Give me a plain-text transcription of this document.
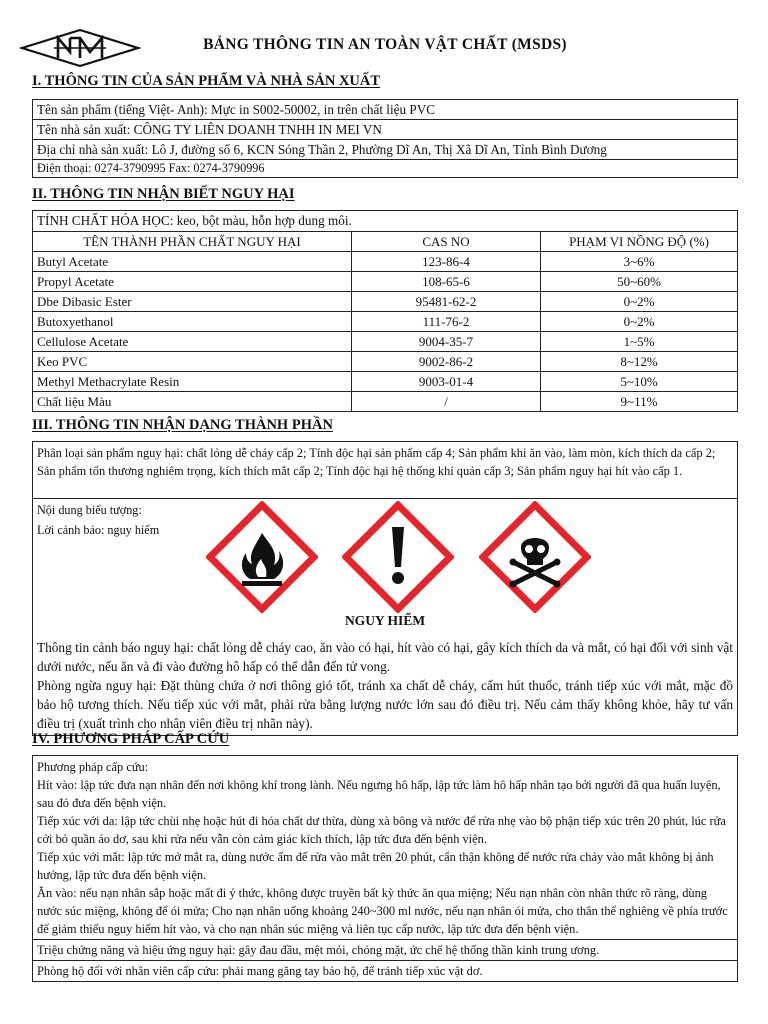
BẢNG THÔNG TIN AN TOÀN VẬT CHẤT (MSDS)
I. THÔNG TIN CỦA SẢN PHẨM VÀ NHÀ SẢN XUẤT
Tên sản phẩm (tiếng Việt- Anh): Mực in S002-50002, in trên chất liệu PVC
Tên nhà sản xuất: CÔNG TY LIÊN DOANH TNHH IN MEI VN
Địa chỉ nhà sản xuất: Lô J, đường số 6, KCN Sóng Thần 2, Phường Dĩ An, Thị Xã Dĩ An, Tỉnh Bình Dương
Điện thoại: 0274-3790995 Fax: 0274-3790996
II. THÔNG TIN NHẬN BIẾT NGUY HẠI
TÍNH CHẤT HÓA HỌC: keo, bột màu, hỗn hợp dung môi.
TÊN THÀNH PHẦN CHẤT NGUY HẠI	CAS NO	PHẠM VI NỒNG ĐỘ (%)
Butyl Acetate	123-86-4	3~6%
Propyl Acetate	108-65-6	50~60%
Dbe Dibasic Ester	95481-62-2	0~2%
Butoxyethanol	111-76-2	0~2%
Cellulose Acetate	9004-35-7	1~5%
Keo PVC	9002-86-2	8~12%
Methyl Methacrylate Resin	9003-01-4	5~10%
Chất liệu Màu	/	9~11%
III. THÔNG TIN NHẬN DẠNG THÀNH PHẦN
Phân loại sản phẩm nguy hại: chất lỏng dễ cháy cấp 2; Tính độc hại sản phẩm cấp 4; Sản phẩm khi ăn vào, làm mòn, kích thích da cấp 2; Sản phẩm tổn thương nghiêm trọng, kích thích mắt cấp 2; Tính độc hại hệ thống khí quản cấp 3; Sản phẩm nguy hại hít vào cấp 1.
Nội dung biểu tượng:
Lời cảnh báo: nguy hiểm
NGUY HIỂM
Thông tin cảnh báo nguy hại: chất lỏng dễ cháy cao, ăn vào có hại, hít vào có hại, gây kích thích da và mắt, có hại đối với sinh vật dưới nước, nếu ăn và đi vào đường hô hấp có thể dẫn đến tử vong.
Phòng ngừa nguy hại: Đặt thùng chứa ở nơi thông gió tốt, tránh xa chất dễ cháy, cấm hút thuốc, tránh tiếp xúc với mắt, mặc đồ bảo hộ tương thích. Nếu tiếp xúc với mắt, phải rửa bằng lượng nước lớn sau đó điều trị. Nếu cảm thấy không khỏe, hãy tư vấn điều trị (xuất trình cho nhân viên điều trị nhãn này).
IV. PHƯƠNG PHÁP CẤP CỨU
Phương pháp cấp cứu:
Hít vào: lập tức đưa nạn nhân đến nơi không khí trong lành. Nếu ngưng hô hấp, lập tức làm hô hấp nhân tạo bởi người đã qua huấn luyện, sau đó đưa đến bệnh viện.
Tiếp xúc với da: lập tức chùi nhẹ hoặc hút đi hóa chất dư thừa, dùng xà bông và nước để rửa nhẹ vào bộ phận tiếp xúc trên 20 phút, lúc rửa cởi bỏ quần áo dơ, sau khi rửa nếu vẫn còn cảm giác kích thích, lập tức đưa đến bệnh viện.
Tiếp xúc với mắt: lập tức mở mắt ra, dùng nước ấm để rửa vào mắt trên 20 phút, cẩn thận không để nước rửa chảy vào mắt không bị ảnh hưởng, lập tức đưa đến bệnh viện.
Ăn vào: nếu nạn nhân sắp hoặc mất đi ý thức, không được truyền bất kỳ thức ăn qua miệng; Nếu nạn nhân còn nhân thức rõ ràng, dùng nước súc miệng, không để ói mửa; Cho nạn nhân uống khoảng 240~300 ml nước, nếu nạn nhân ói mửa, cho thân thể nghiêng về phía trước để giảm thiểu nguy hiểm hít vào, và cho nạn nhân súc miệng và liên tục cấp nước, lập tức đưa đến bệnh viện.
Triệu chứng năng và hiệu ứng nguy hại: gây đau đầu, mệt mỏi, chóng mặt, ức chế hệ thống thần kinh trung ương.
Phòng hộ đối với nhân viên cấp cứu: phải mang găng tay bảo hộ, để tránh tiếp xúc vật dơ.
